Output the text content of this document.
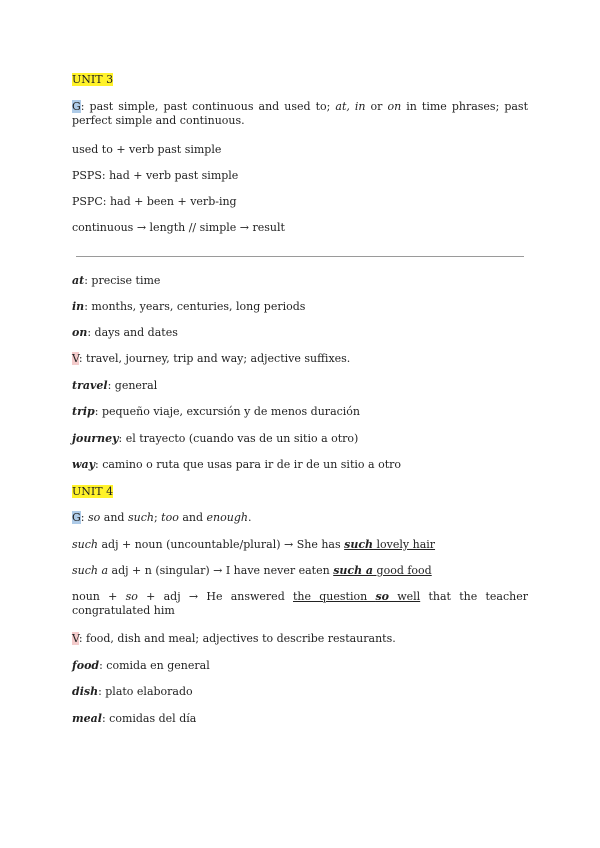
UNIT 3
G: past simple, past continuous and used to; at, in or on in time phrases; past perfect simple and continuous.
used to + verb past simple
PSPS: had + verb past simple
PSPC: had + been + verb-ing
continuous → length // simple → result
at: precise time
in: months, years, centuries, long periods
on: days and dates
V: travel, journey, trip and way; adjective suffixes.
travel: general
trip: pequeño viaje, excursión y de menos duración
journey: el trayecto (cuando vas de un sitio a otro)
way: camino o ruta que usas para ir de ir de un sitio a otro
UNIT 4
G: so and such; too and enough.
such adj + noun (uncountable/plural) → She has such lovely hair
such a adj + n (singular) → I have never eaten such a good food
noun + so + adj → He answered the question so well that the teacher congratulated him
V: food, dish and meal; adjectives to describe restaurants.
food: comida en general
dish: plato elaborado
meal: comidas del día
